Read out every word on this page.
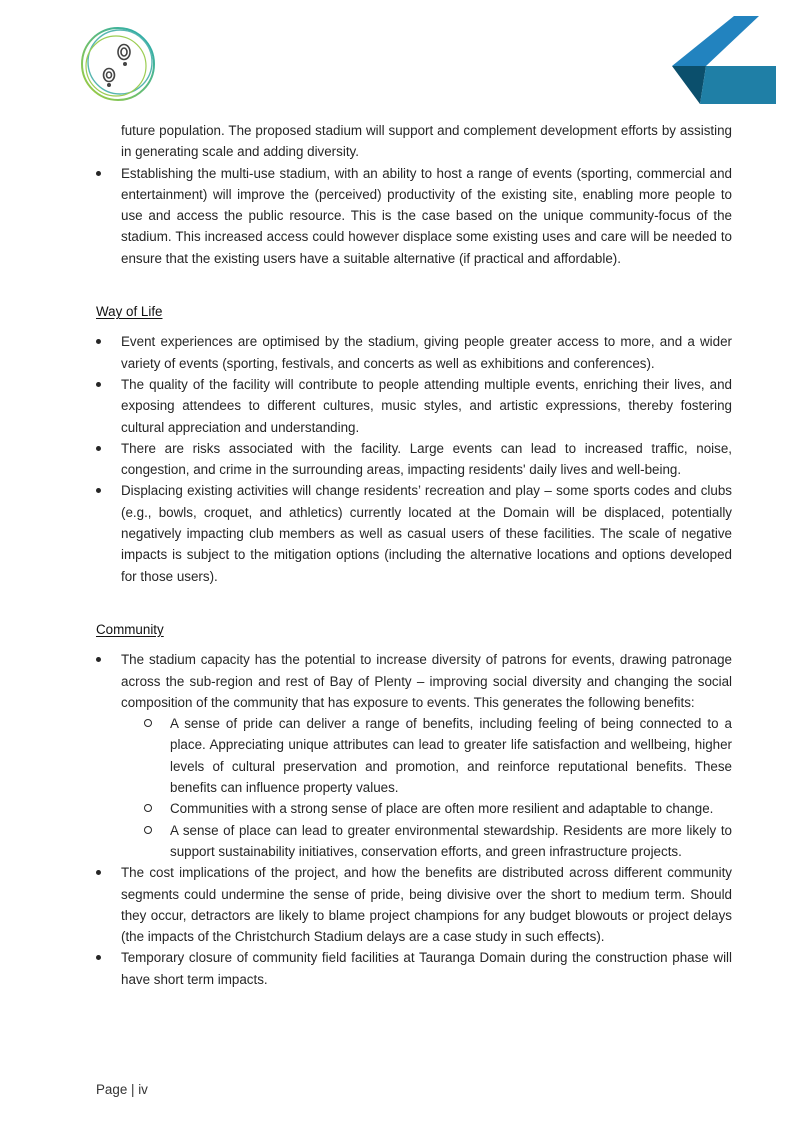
future population. The proposed stadium will support and complement development efforts by assisting in generating scale and adding diversity.

Establishing the multi-use stadium, with an ability to host a range of events (sporting, commercial and entertainment) will improve the (perceived) productivity of the existing site, enabling more people to use and access the public resource. This is the case based on the unique community-focus of the stadium. This increased access could however displace some existing uses and care will be needed to ensure that the existing users have a suitable alternative (if practical and affordable).
Way of Life
Event experiences are optimised by the stadium, giving people greater access to more, and a wider variety of events (sporting, festivals, and concerts as well as exhibitions and conferences).
The quality of the facility will contribute to people attending multiple events, enriching their lives, and exposing attendees to different cultures, music styles, and artistic expressions, thereby fostering cultural appreciation and understanding.
There are risks associated with the facility. Large events can lead to increased traffic, noise, congestion, and crime in the surrounding areas, impacting residents' daily lives and well-being.
Displacing existing activities will change residents’ recreation and play – some sports codes and clubs (e.g., bowls, croquet, and athletics) currently located at the Domain will be displaced, potentially negatively impacting club members as well as casual users of these facilities. The scale of negative impacts is subject to the mitigation options (including the alternative locations and options developed for those users).
Community
The stadium capacity has the potential to increase diversity of patrons for events, drawing patronage across the sub-region and rest of Bay of Plenty – improving social diversity and changing the social composition of the community that has exposure to events. This generates the following benefits:
A sense of pride can deliver a range of benefits, including feeling of being connected to a place. Appreciating unique attributes can lead to greater life satisfaction and wellbeing, higher levels of cultural preservation and promotion, and reinforce reputational benefits. These benefits can influence property values.
Communities with a strong sense of place are often more resilient and adaptable to change.
A sense of place can lead to greater environmental stewardship. Residents are more likely to support sustainability initiatives, conservation efforts, and green infrastructure projects.
The cost implications of the project, and how the benefits are distributed across different community segments could undermine the sense of pride, being divisive over the short to medium term. Should they occur, detractors are likely to blame project champions for any budget blowouts or project delays (the impacts of the Christchurch Stadium delays are a case study in such effects).
Temporary closure of community field facilities at Tauranga Domain during the construction phase will have short term impacts.
Page | iv
